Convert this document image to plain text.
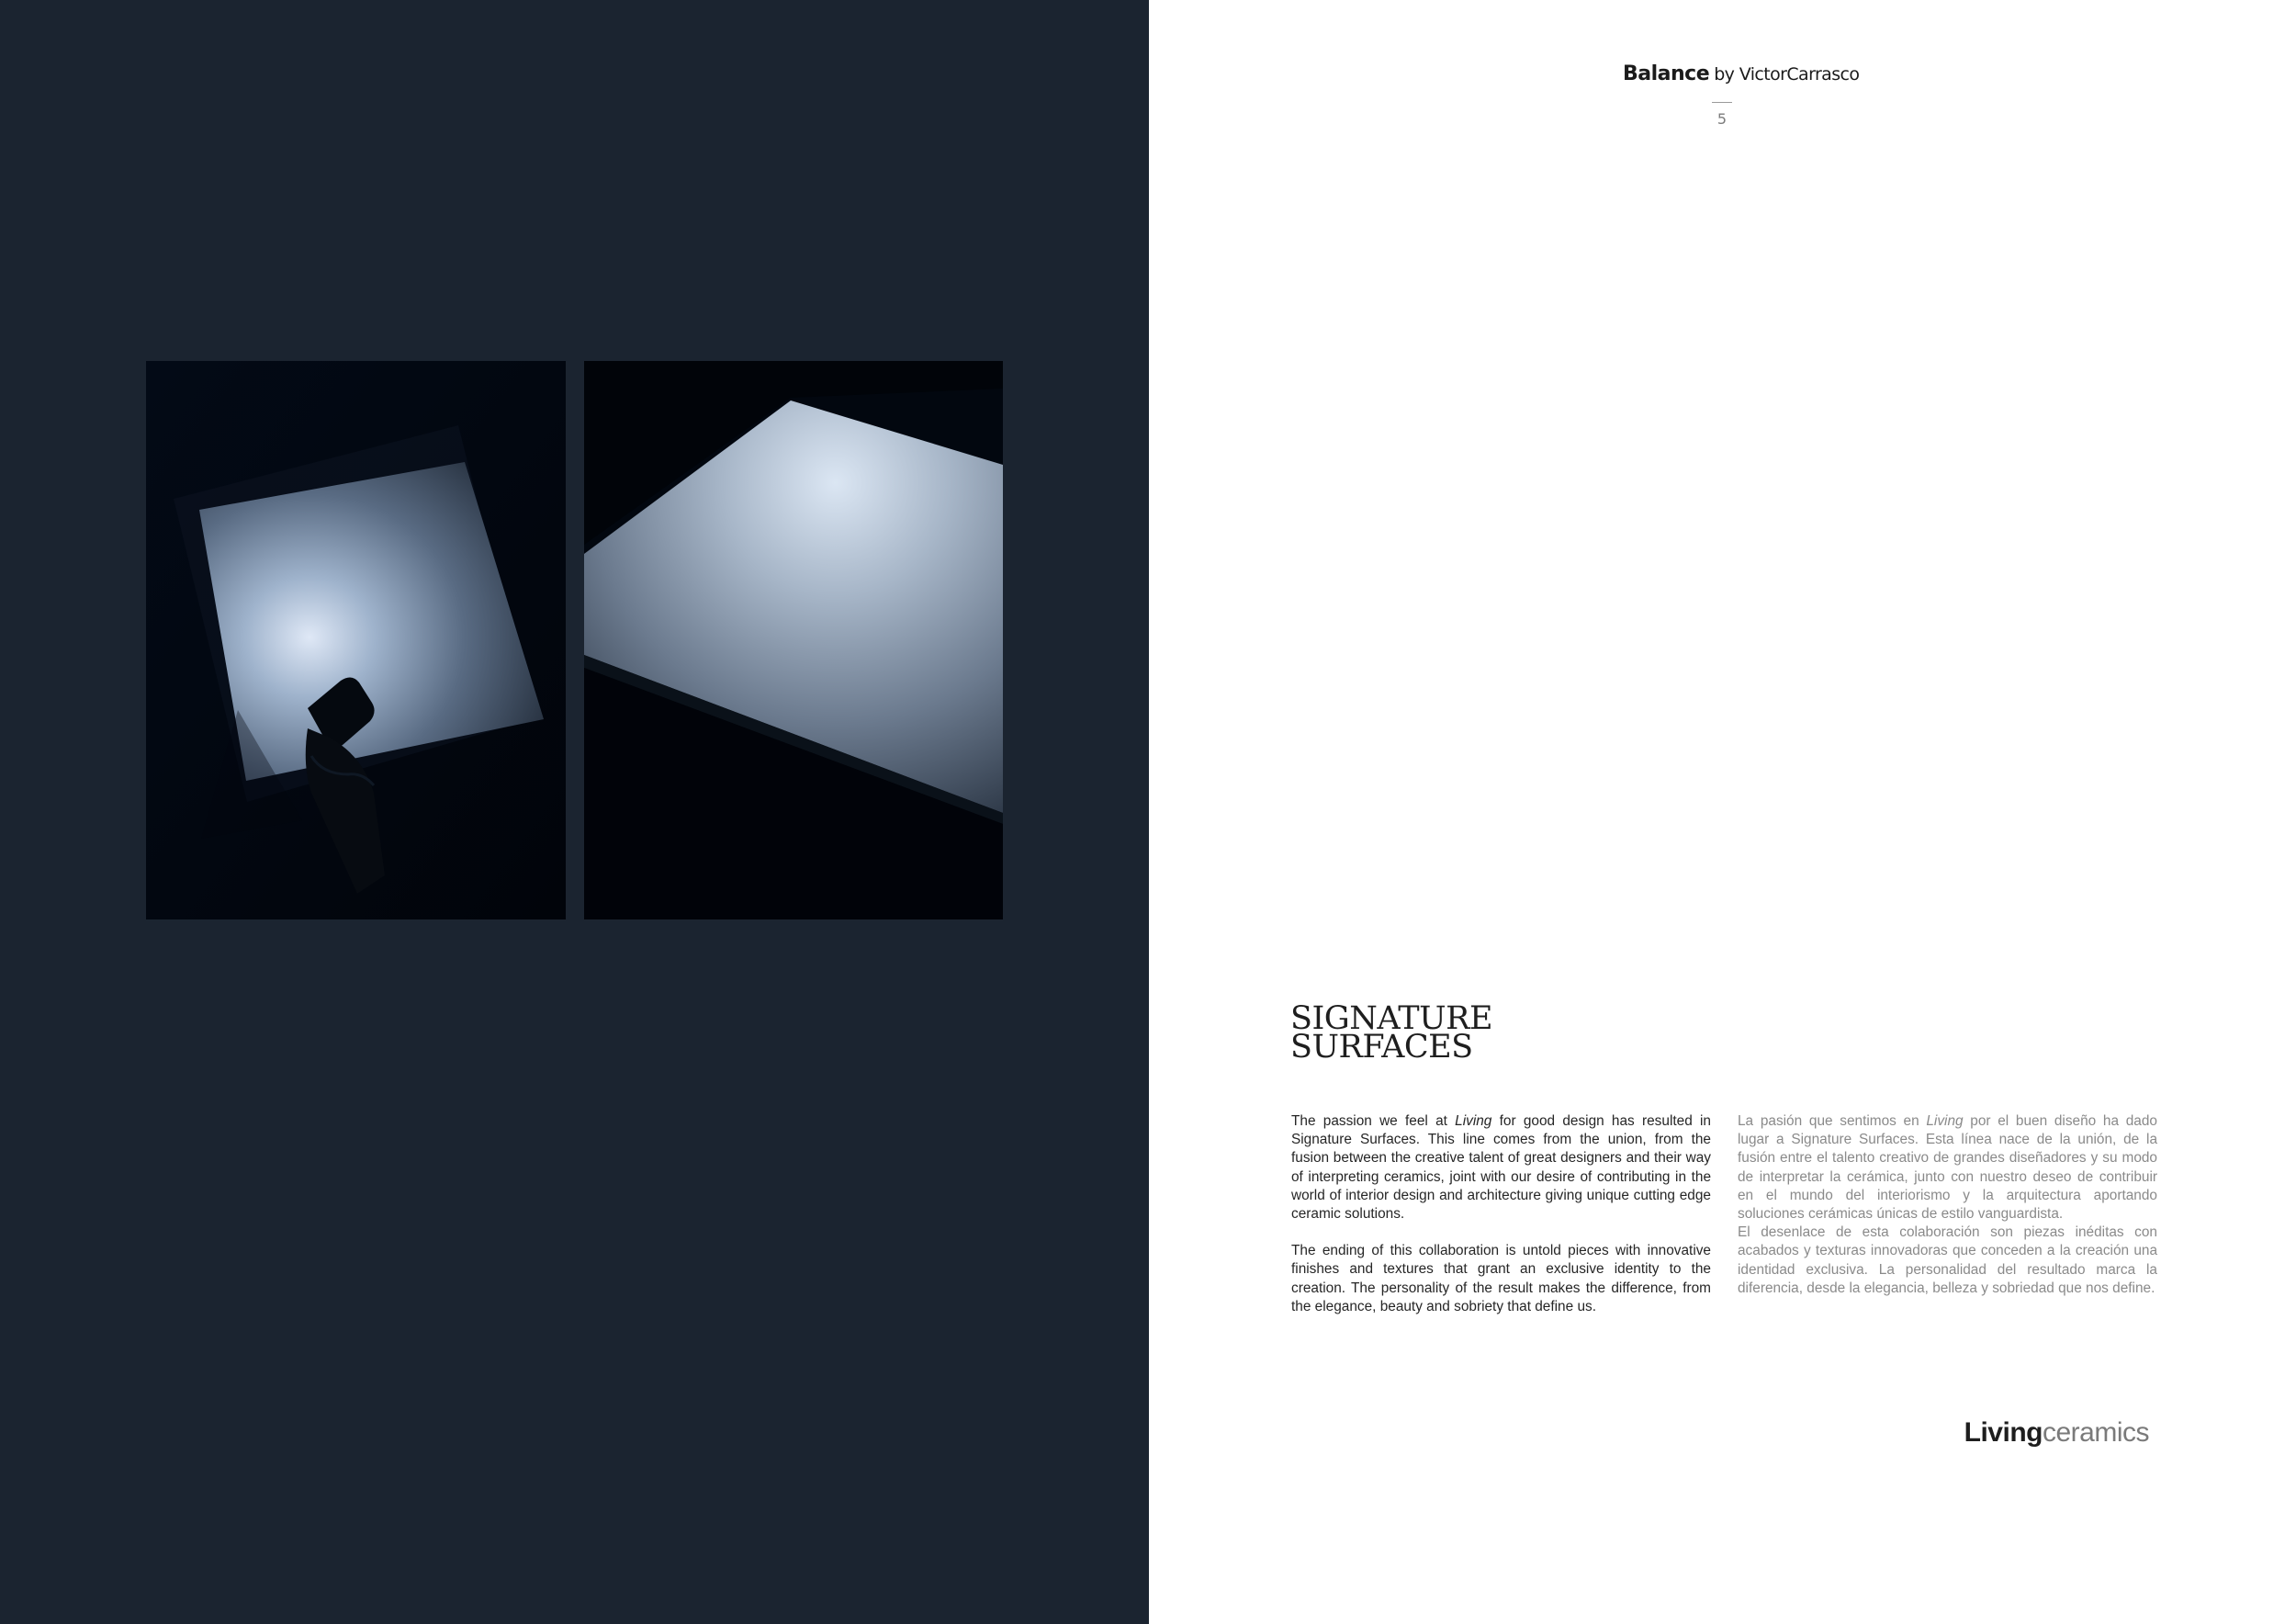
Balance by VictorCarrasco
5
SIGNATURE
SURFACES

The passion we feel at Living for good design has resulted in Signature Surfaces. This line comes from the union, from the fusion between the creative talent of great designers and their way of interpreting ceramics, joint with our desire of contributing in the world of interior design and architecture giving unique cutting edge ceramic solutions.

The ending of this collaboration is untold pieces with innovative finishes and textures that grant an exclusive identity to the creation. The personality of the result makes the difference, from the elegance, beauty and sobriety that define us.

La pasión que sentimos en Living por el buen diseño ha dado lugar a Signature Surfaces. Esta línea nace de la unión, de la fusión entre el talento creativo de grandes diseñadores y su modo de interpretar la cerámica, junto con nuestro deseo de contribuir en el mundo del interiorismo y la arquitectura aportando soluciones cerámicas únicas de estilo vanguardista.

El desenlace de esta colaboración son piezas inéditas con acabados y texturas innovadoras que conceden a la creación una identidad exclusiva. La personalidad del resultado marca la diferencia, desde la elegancia, belleza y sobriedad que nos define.

Livingceramics
